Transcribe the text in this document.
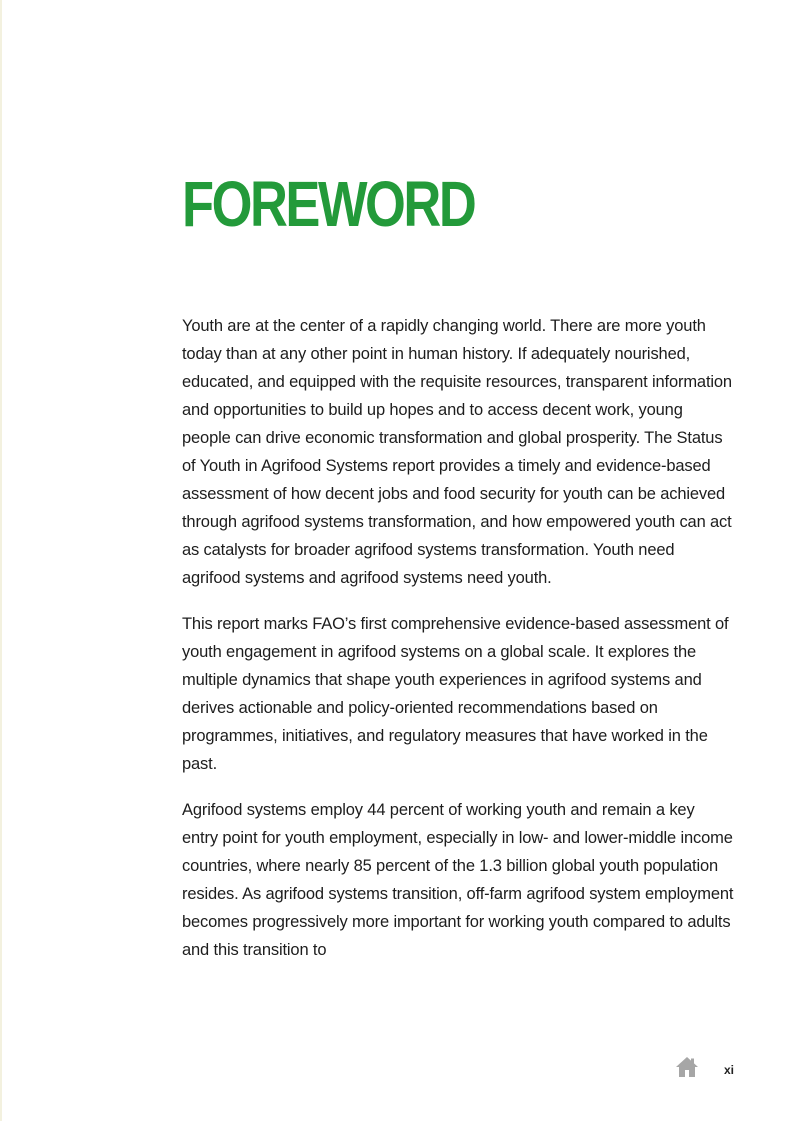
FOREWORD

Youth are at the center of a rapidly changing world. There are more youth today than at any other point in human history. If adequately nourished, educated, and equipped with the requisite resources, transparent information and opportunities to build up hopes and to access decent work, young people can drive economic transformation and global prosperity. The Status of Youth in Agrifood Systems report provides a timely and evidence-based assessment of how decent jobs and food security for youth can be achieved through agrifood systems transformation, and how empowered youth can act as catalysts for broader agrifood systems transformation. Youth need agrifood systems and agrifood systems need youth.

This report marks FAO’s first comprehensive evidence-based assessment of youth engagement in agrifood systems on a global scale. It explores the multiple dynamics that shape youth experiences in agrifood systems and derives actionable and policy-oriented recommendations based on programmes, initiatives, and regulatory measures that have worked in the past.

Agrifood systems employ 44 percent of working youth and remain a key entry point for youth employment, especially in low- and lower-middle income countries, where nearly 85 percent of the 1.3 billion global youth population resides. As agrifood systems transition, off-farm agrifood system employment becomes progressively more important for working youth compared to adults and this transition to

xi
